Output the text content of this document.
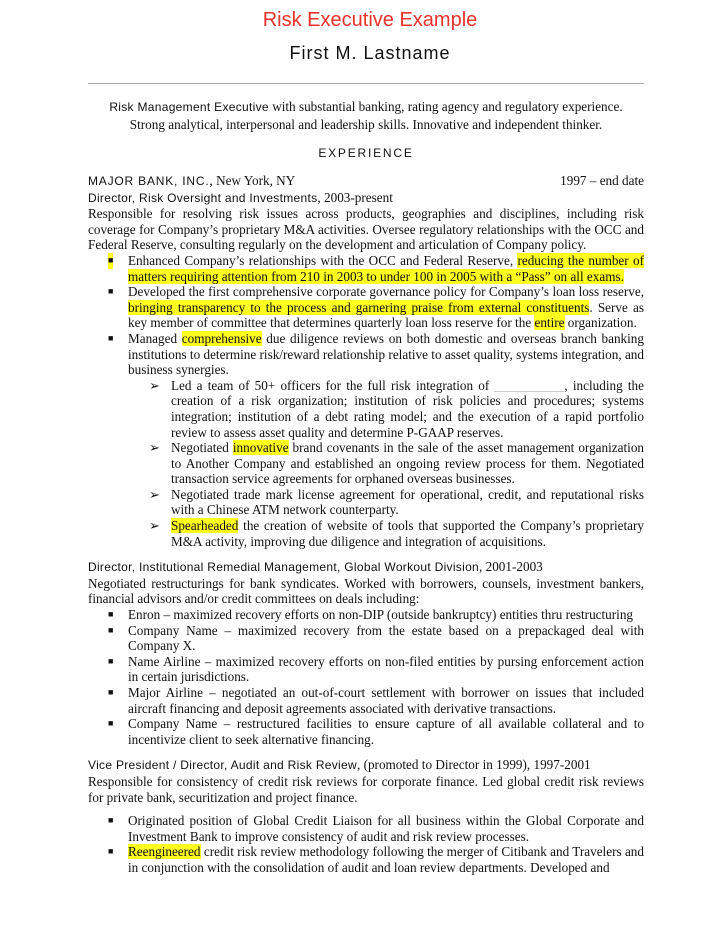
Risk Executive Example
First M. Lastname
Risk Management Executive with substantial banking, rating agency and regulatory experience.
Strong analytical, interpersonal and leadership skills. Innovative and independent thinker.
EXPERIENCE
MAJOR BANK, INC., New York, NY	1997 – end date
Director, Risk Oversight and Investments, 2003-present

Responsible for resolving risk issues across products, geographies and disciplines, including risk coverage for Company’s proprietary M&A activities. Oversee regulatory relationships with the OCC and Federal Reserve, consulting regularly on the development and articulation of Company policy.

■ Enhanced Company’s relationships with the OCC and Federal Reserve, reducing the number of matters requiring attention from 210 in 2003 to under 100 in 2005 with a “Pass” on all exams.
■ Developed the first comprehensive corporate governance policy for Company’s loan loss reserve, bringing transparency to the process and garnering praise from external constituents. Serve as key member of committee that determines quarterly loan loss reserve for the entire organization.
■ Managed comprehensive due diligence reviews on both domestic and overseas branch banking institutions to determine risk/reward relationship relative to asset quality, systems integration, and business synergies.
➢ Led a team of 50+ officers for the full risk integration of	, including the creation of a risk organization; institution of risk policies and procedures; systems integration; institution of a debt rating model; and the execution of a rapid portfolio review to assess asset quality and determine P-GAAP reserves.
➢ Negotiated innovative brand covenants in the sale of the asset management organization to Another Company and established an ongoing review process for them. Negotiated transaction service agreements for orphaned overseas businesses.
➢ Negotiated trade mark license agreement for operational, credit, and reputational risks with a Chinese ATM network counterparty.
➢ Spearheaded the creation of website of tools that supported the Company’s proprietary M&A activity, improving due diligence and integration of acquisitions.
Director, Institutional Remedial Management, Global Workout Division, 2001-2003

Negotiated restructurings for bank syndicates. Worked with borrowers, counsels, investment bankers, financial advisors and/or credit committees on deals including:

■ Enron – maximized recovery efforts on non-DIP (outside bankruptcy) entities thru restructuring
■ Company Name – maximized recovery from the estate based on a prepackaged deal with Company X.
■ Name Airline – maximized recovery efforts on non-filed entities by pursing enforcement action in certain jurisdictions.
■ Major Airline – negotiated an out-of-court settlement with borrower on issues that included aircraft financing and deposit agreements associated with derivative transactions.
■ Company Name – restructured facilities to ensure capture of all available collateral and to incentivize client to seek alternative financing.
Vice President / Director, Audit and Risk Review, (promoted to Director in 1999), 1997-2001

Responsible for consistency of credit risk reviews for corporate finance. Led global credit risk reviews for private bank, securitization and project finance.

■ Originated position of Global Credit Liaison for all business within the Global Corporate and Investment Bank to improve consistency of audit and risk review processes.
■ Reengineered credit risk review methodology following the merger of Citibank and Travelers and in conjunction with the consolidation of audit and loan review departments. Developed and
